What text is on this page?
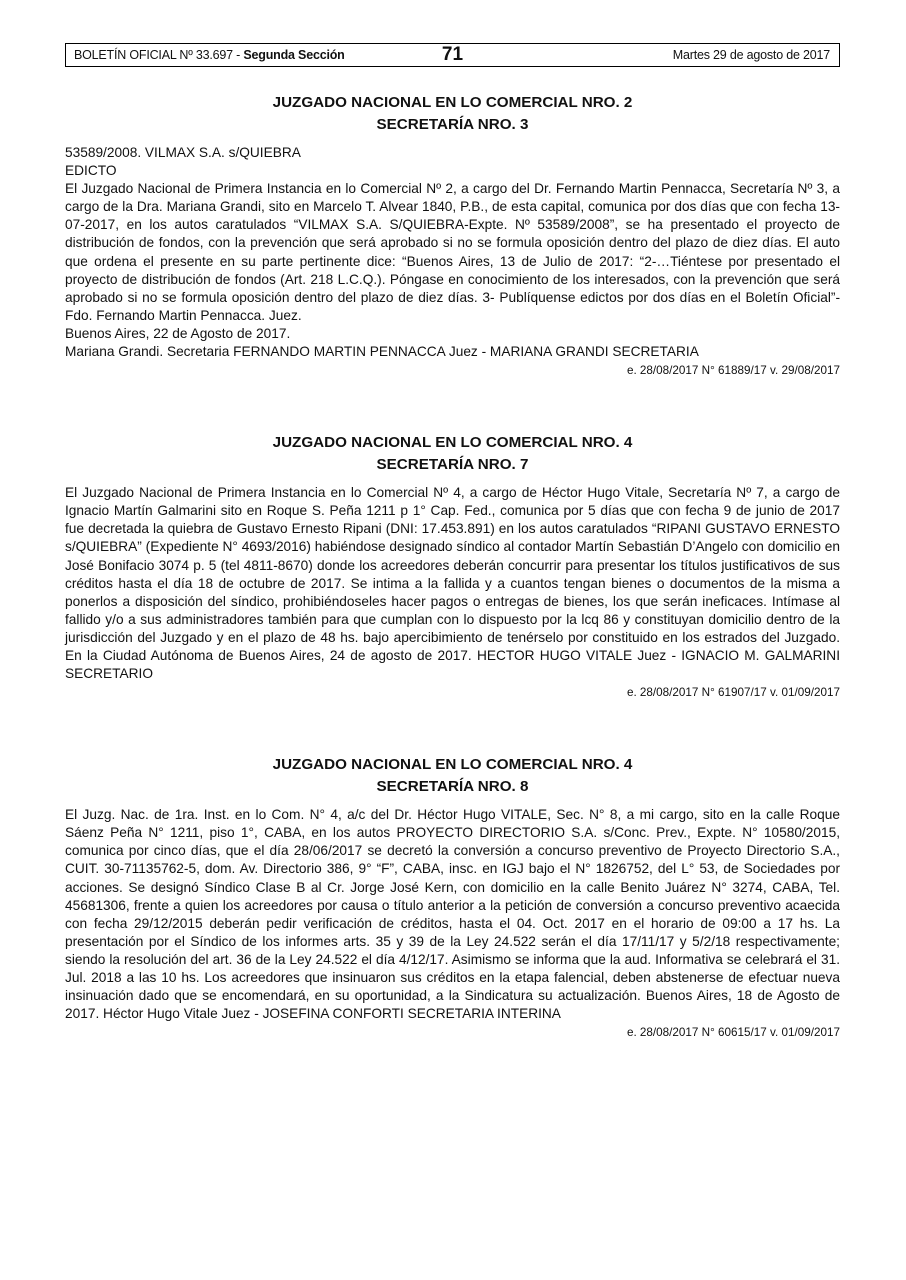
BOLETÍN OFICIAL Nº 33.697 - Segunda Sección	71	Martes 29 de agosto de 2017

JUZGADO NACIONAL EN LO COMERCIAL NRO. 2

SECRETARÍA NRO. 3

53589/2008. VILMAX S.A. s/QUIEBRA

EDICTO

El Juzgado Nacional de Primera Instancia en lo Comercial Nº 2, a cargo del Dr. Fernando Martin Pennacca, Secretaría Nº 3, a cargo de la Dra. Mariana Grandi, sito en Marcelo T. Alvear 1840, P.B., de esta capital, comunica por dos días que con fecha 13-07-2017, en los autos caratulados “VILMAX S.A. S/QUIEBRA-Expte. Nº 53589/2008”, se ha presentado el proyecto de distribución de fondos, con la prevención que será aprobado si no se formula oposición dentro del plazo de diez días. El auto que ordena el presente en su parte pertinente dice: “Buenos Aires, 13 de Julio de 2017: “2-…Tiéntese por presentado el proyecto de distribución de fondos (Art. 218 L.C.Q.). Póngase en conocimiento de los interesados, con la prevención que será aprobado si no se formula oposición dentro del plazo de diez días. 3- Publíquense edictos por dos días en el Boletín Oficial”- Fdo. Fernando Martin Pennacca. Juez.

Buenos Aires, 22 de Agosto de 2017.

Mariana Grandi. Secretaria FERNANDO MARTIN PENNACCA Juez - MARIANA GRANDI SECRETARIA

e. 28/08/2017 N° 61889/17 v. 29/08/2017

JUZGADO NACIONAL EN LO COMERCIAL NRO. 4

SECRETARÍA NRO. 7

El Juzgado Nacional de Primera Instancia en lo Comercial Nº 4, a cargo de Héctor Hugo Vitale, Secretaría Nº 7, a cargo de Ignacio Martín Galmarini sito en Roque S. Peña 1211 p 1° Cap. Fed., comunica por 5 días que con fecha 9 de junio de 2017 fue decretada la quiebra de Gustavo Ernesto Ripani (DNI: 17.453.891) en los autos caratulados “RIPANI GUSTAVO ERNESTO s/QUIEBRA” (Expediente N° 4693/2016) habiéndose designado síndico al contador Martín Sebastián D’Angelo con domicilio en José Bonifacio 3074 p. 5 (tel 4811-8670) donde los acreedores deberán concurrir para presentar los títulos justificativos de sus créditos hasta el día 18 de octubre de 2017. Se intima a la fallida y a cuantos tengan bienes o documentos de la misma a ponerlos a disposición del síndico, prohibiéndoseles hacer pagos o entregas de bienes, los que serán ineficaces. Intímase al fallido y/o a sus administradores también para que cumplan con lo dispuesto por la lcq 86 y constituyan domicilio dentro de la jurisdicción del Juzgado y en el plazo de 48 hs. bajo apercibimiento de tenérselo por constituido en los estrados del Juzgado. En la Ciudad Autónoma de Buenos Aires, 24 de agosto de 2017. HECTOR HUGO VITALE Juez - IGNACIO M. GALMARINI SECRETARIO

e. 28/08/2017 N° 61907/17 v. 01/09/2017

JUZGADO NACIONAL EN LO COMERCIAL NRO. 4

SECRETARÍA NRO. 8

El Juzg. Nac. de 1ra. Inst. en lo Com. N° 4, a/c del Dr. Héctor Hugo VITALE, Sec. N° 8, a mi cargo, sito en la calle Roque Sáenz Peña N° 1211, piso 1°, CABA, en los autos PROYECTO DIRECTORIO S.A. s/Conc. Prev., Expte. N° 10580/2015, comunica por cinco días, que el día 28/06/2017 se decretó la conversión a concurso preventivo de Proyecto Directorio S.A., CUIT. 30-71135762-5, dom. Av. Directorio 386, 9° “F”, CABA, insc. en IGJ bajo el N° 1826752, del L° 53, de Sociedades por acciones. Se designó Síndico Clase B al Cr. Jorge José Kern, con domicilio en la calle Benito Juárez N° 3274, CABA, Tel. 45681306, frente a quien los acreedores por causa o título anterior a la petición de conversión a concurso preventivo acaecida con fecha 29/12/2015 deberán pedir verificación de créditos, hasta el 04. Oct. 2017 en el horario de 09:00 a 17 hs. La presentación por el Síndico de los informes arts. 35 y 39 de la Ley 24.522 serán el día 17/11/17 y 5/2/18 respectivamente; siendo la resolución del art. 36 de la Ley 24.522 el día 4/12/17. Asimismo se informa que la aud. Informativa se celebrará el 31. Jul. 2018 a las 10 hs. Los acreedores que insinuaron sus créditos en la etapa falencial, deben abstenerse de efectuar nueva insinuación dado que se encomendará, en su oportunidad, a la Sindicatura su actualización. Buenos Aires, 18 de Agosto de 2017. Héctor Hugo Vitale Juez - JOSEFINA CONFORTI SECRETARIA INTERINA

e. 28/08/2017 N° 60615/17 v. 01/09/2017
